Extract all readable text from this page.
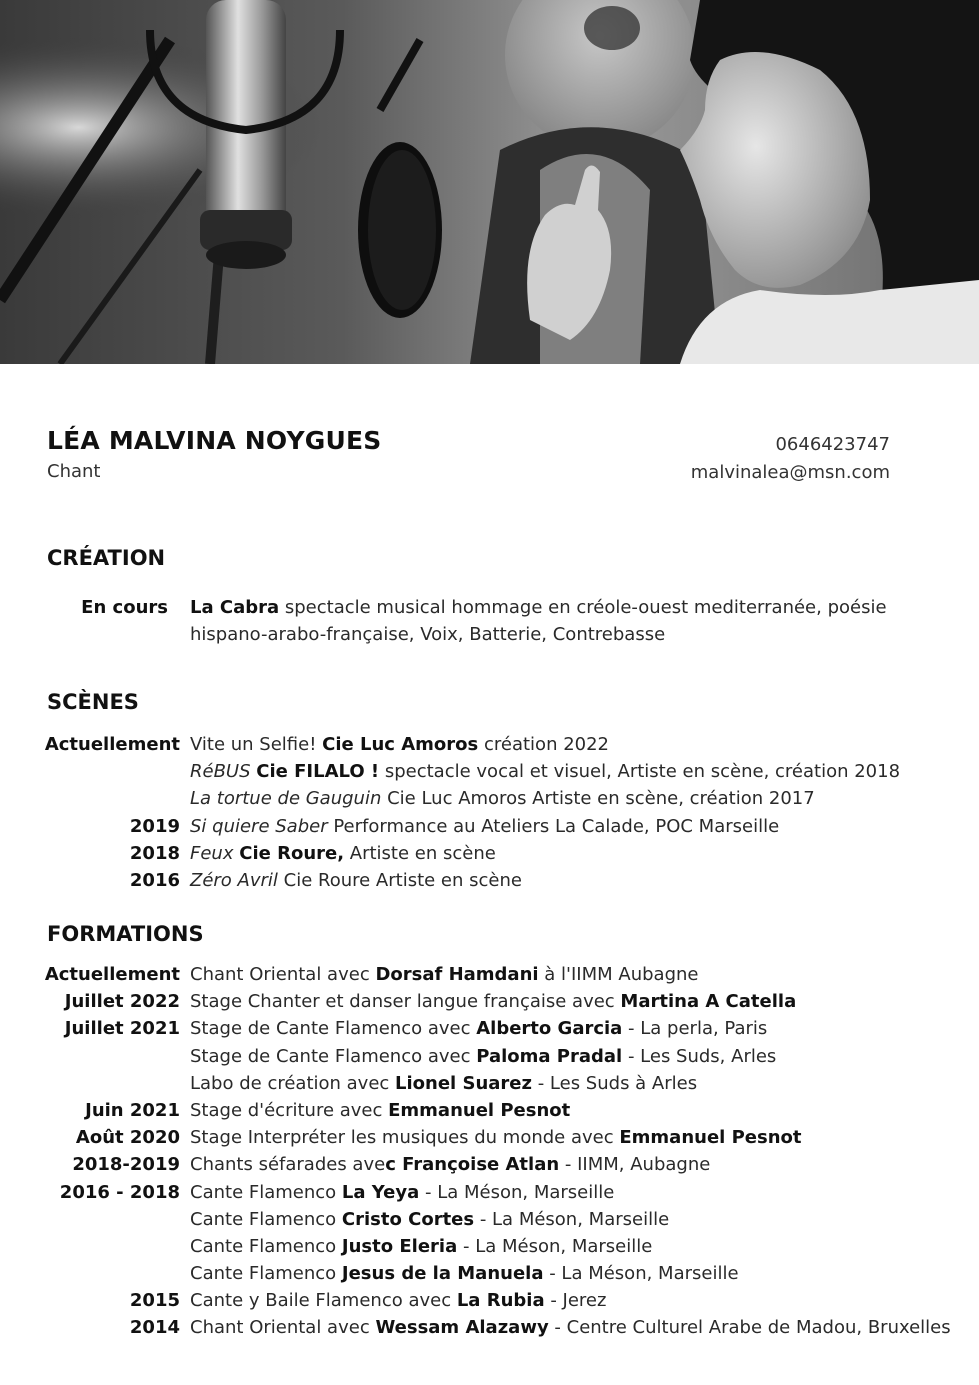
LÉA MALVINA NOYGUES
Chant
0646423747
malvinalea@msn.com
CRÉATION
En cours La Cabra spectacle musical hommage en créole-ouest mediterranée, poésie hispano-arabo-française, Voix, Batterie, Contrebasse
SCÈNES
Actuellement Vite un Selfie! Cie Luc Amoros création 2022
RéBUS Cie FILALO ! spectacle vocal et visuel, Artiste en scène, création 2018
La tortue de Gauguin Cie Luc Amoros Artiste en scène, création 2017
2019 Si quiere Saber Performance au Ateliers La Calade, POC Marseille
2018 Feux Cie Roure, Artiste en scène
2016 Zéro Avril Cie Roure Artiste en scène
FORMATIONS
Actuellement Chant Oriental avec Dorsaf Hamdani à l'IIMM Aubagne
Juillet 2022 Stage Chanter et danser langue française avec Martina A Catella
Juillet 2021 Stage de Cante Flamenco avec Alberto Garcia - La perla, Paris
Stage de Cante Flamenco avec Paloma Pradal - Les Suds, Arles
Labo de création avec Lionel Suarez - Les Suds à Arles
Juin 2021 Stage d'écriture avec Emmanuel Pesnot
Août 2020 Stage Interpréter les musiques du monde avec Emmanuel Pesnot
2018-2019 Chants séfarades avec Françoise Atlan - IIMM, Aubagne
2016 - 2018 Cante Flamenco La Yeya - La Méson, Marseille
Cante Flamenco Cristo Cortes - La Méson, Marseille
Cante Flamenco Justo Eleria - La Méson, Marseille
Cante Flamenco Jesus de la Manuela - La Méson, Marseille
2015 Cante y Baile Flamenco avec La Rubia - Jerez
2014 Chant Oriental avec Wessam Alazawy - Centre Culturel Arabe de Madou, Bruxelles
